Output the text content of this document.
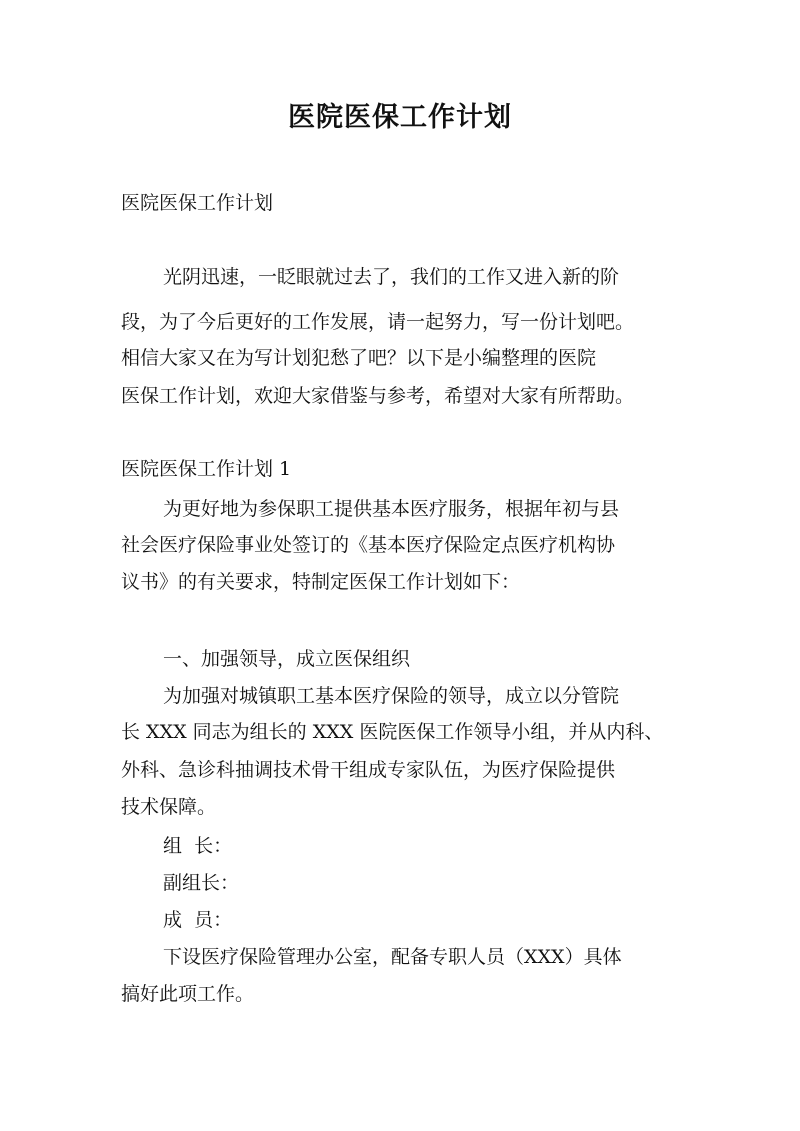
医院医保工作计划
医院医保工作计划
光阴迅速，一眨眼就过去了，我们的工作又进入新的阶
段，为了今后更好的工作发展，请一起努力，写一份计划吧。
相信大家又在为写计划犯愁了吧？以下是小编整理的医院
医保工作计划，欢迎大家借鉴与参考，希望对大家有所帮助。
医院医保工作计划 1
为更好地为参保职工提供基本医疗服务，根据年初与县
社会医疗保险事业处签订的《基本医疗保险定点医疗机构协
议书》的有关要求，特制定医保工作计划如下：
一、加强领导，成立医保组织
为加强对城镇职工基本医疗保险的领导，成立以分管院
长 XXX 同志为组长的 XXX 医院医保工作领导小组，并从内科、
外科、急诊科抽调技术骨干组成专家队伍，为医疗保险提供
技术保障。
组  长：
副组长：
成  员：
下设医疗保险管理办公室，配备专职人员（XXX）具体
搞好此项工作。
